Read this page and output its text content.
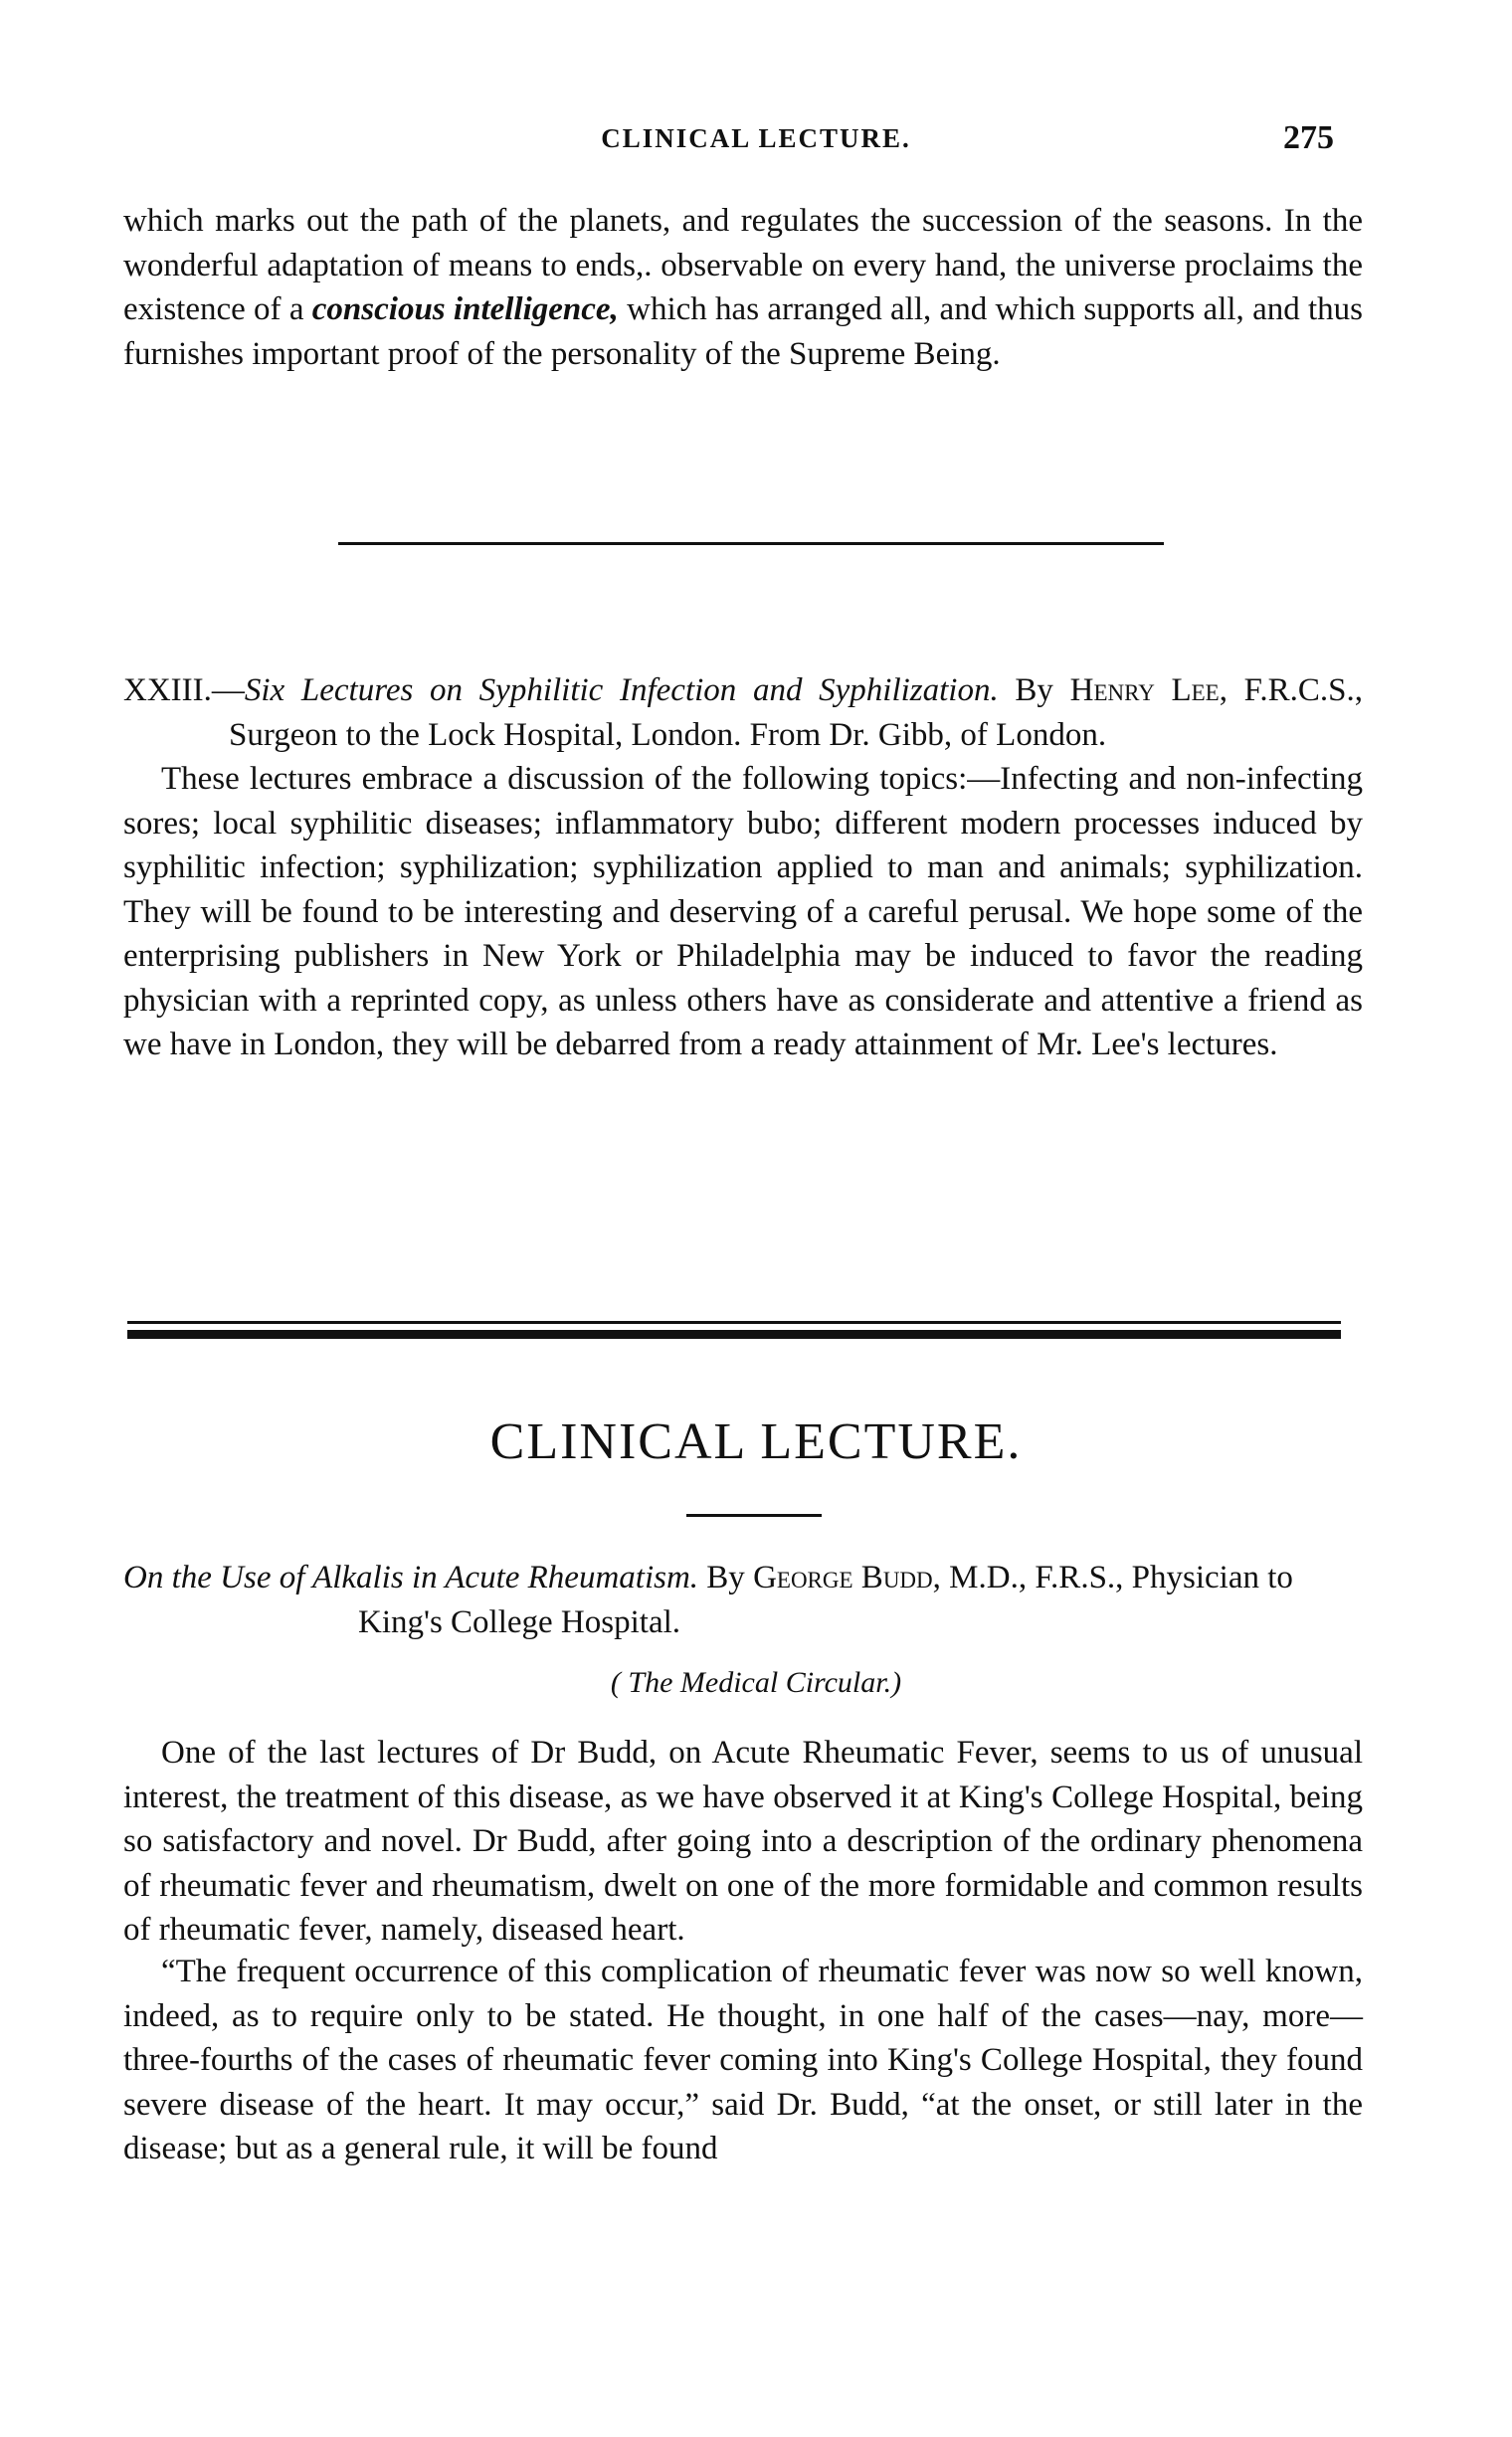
CLINICAL LECTURE.	275
which marks out the path of the planets, and regulates the succession of the seasons. In the wonderful adaptation of means to ends,. observable on every hand, the universe proclaims the existence of a conscious intelligence, which has arranged all, and which supports all, and thus furnishes important proof of the personality of the Supreme Being.
XXIII.—Six Lectures on Syphilitic Infection and Syphilization. By Henry Lee, F.R.C.S., Surgeon to the Lock Hospital, London. From Dr. Gibb, of London.
These lectures embrace a discussion of the following topics:—Infecting and non-infecting sores; local syphilitic diseases; inflammatory bubo; different modern processes induced by syphilitic infection; syphilization; syphilization applied to man and animals; syphilization. They will be found to be interesting and deserving of a careful perusal. We hope some of the enterprising publishers in New York or Philadelphia may be induced to favor the reading physician with a reprinted copy, as unless others have as considerate and attentive a friend as we have in London, they will be debarred from a ready attainment of Mr. Lee's lectures.
CLINICAL LECTURE.
On the Use of Alkalis in Acute Rheumatism. By George Budd, M.D., F.R.S., Physician to King's College Hospital.
( The Medical Circular.)
One of the last lectures of Dr Budd, on Acute Rheumatic Fever, seems to us of unusual interest, the treatment of this disease, as we have observed it at King's College Hospital, being so satisfactory and novel. Dr Budd, after going into a description of the ordinary phenomena of rheumatic fever and rheumatism, dwelt on one of the more formidable and common results of rheumatic fever, namely, diseased heart.
“The frequent occurrence of this complication of rheumatic fever was now so well known, indeed, as to require only to be stated. He thought, in one half of the cases—nay, more—three-fourths of the cases of rheumatic fever coming into King's College Hospital, they found severe disease of the heart. It may occur,” said Dr. Budd, “at the onset, or still later in the disease; but as a general rule, it will be found
